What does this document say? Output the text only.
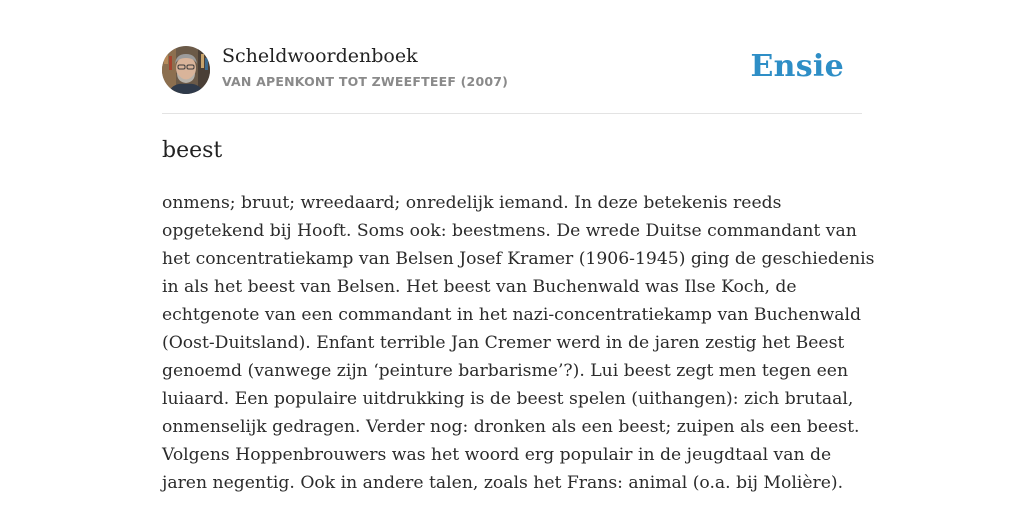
Scheldwoordenboek
VAN APENKONT TOT ZWEEFTEEF (2007)	Ensie
beest

onmens; bruut; wreedaard; onredelijk iemand. In deze betekenis reeds
opgetekend bij Hooft. Soms ook: beestmens. De wrede Duitse commandant van
het concentratiekamp van Belsen Josef Kramer (1906-1945) ging de geschiedenis
in als het beest van Belsen. Het beest van Buchenwald was Ilse Koch, de
echtgenote van een commandant in het nazi-concentratiekamp van Buchenwald
(Oost-Duitsland). Enfant terrible Jan Cremer werd in de jaren zestig het Beest
genoemd (vanwege zijn ‘peinture barbarisme’?). Lui beest zegt men tegen een
luiaard. Een populaire uitdrukking is de beest spelen (uithangen): zich brutaal,
onmenselijk gedragen. Verder nog: dronken als een beest; zuipen als een beest.
Volgens Hoppenbrouwers was het woord erg populair in de jeugdtaal van de
jaren negentig. Ook in andere talen, zoals het Frans: animal (o.a. bij Molière).
